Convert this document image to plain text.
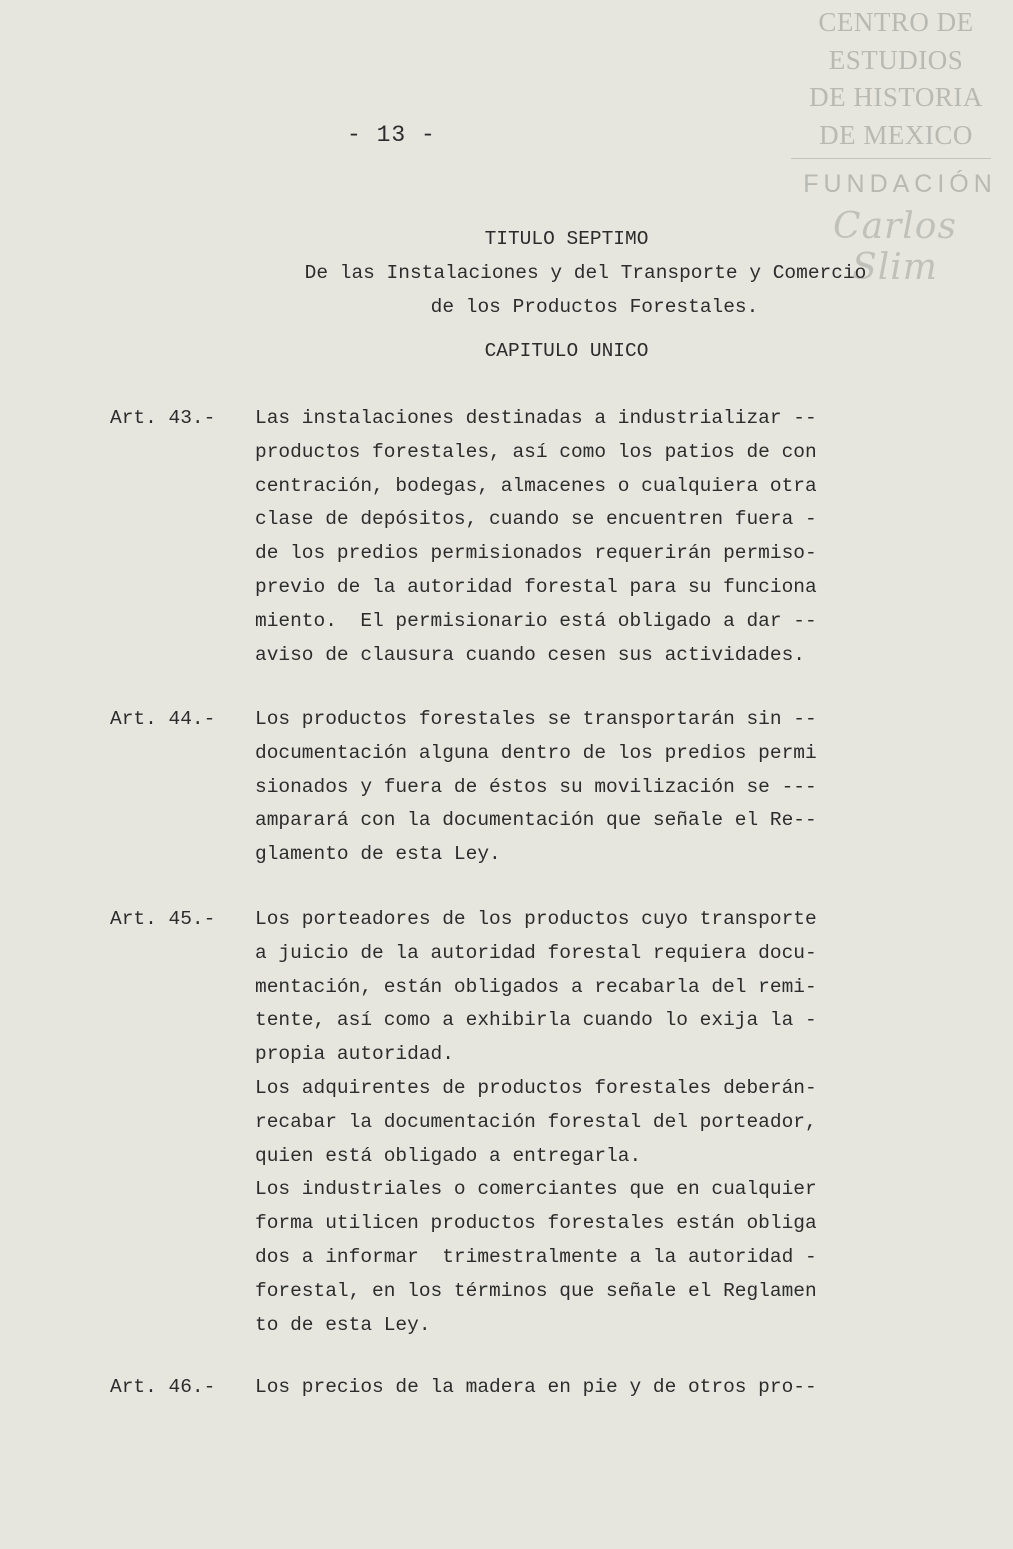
CENTRO DE
ESTUDIOS
DE HISTORIA
DE MEXICO
FUNDACIÓN
Carlos Slim
- 13 -
TITULO SEPTIMO
De las Instalaciones y del Transporte y Comercio
de los Productos Forestales.
CAPITULO UNICO
Art. 43.- Las instalaciones destinadas a industrializar --
productos forestales, así como los patios de con
centración, bodegas, almacenes o cualquiera otra
clase de depósitos, cuando se encuentren fuera -
de los predios permisionados requerirán permiso-
previo de la autoridad forestal para su funciona
miento.  El permisionario está obligado a dar --
aviso de clausura cuando cesen sus actividades.
Art. 44.- Los productos forestales se transportarán sin --
documentación alguna dentro de los predios permi
sionados y fuera de éstos su movilización se ---
amparará con la documentación que señale el Re--
glamento de esta Ley.
Art. 45.- Los porteadores de los productos cuyo transporte
a juicio de la autoridad forestal requiera docu-
mentación, están obligados a recabarla del remi-
tente, así como a exhibirla cuando lo exija la -
propia autoridad.
Los adquirentes de productos forestales deberán-
recabar la documentación forestal del porteador,
quien está obligado a entregarla.
Los industriales o comerciantes que en cualquier
forma utilicen productos forestales están obliga
dos a informar  trimestralmente a la autoridad -
forestal, en los términos que señale el Reglamen
to de esta Ley.
Art. 46.- Los precios de la madera en pie y de otros pro--
